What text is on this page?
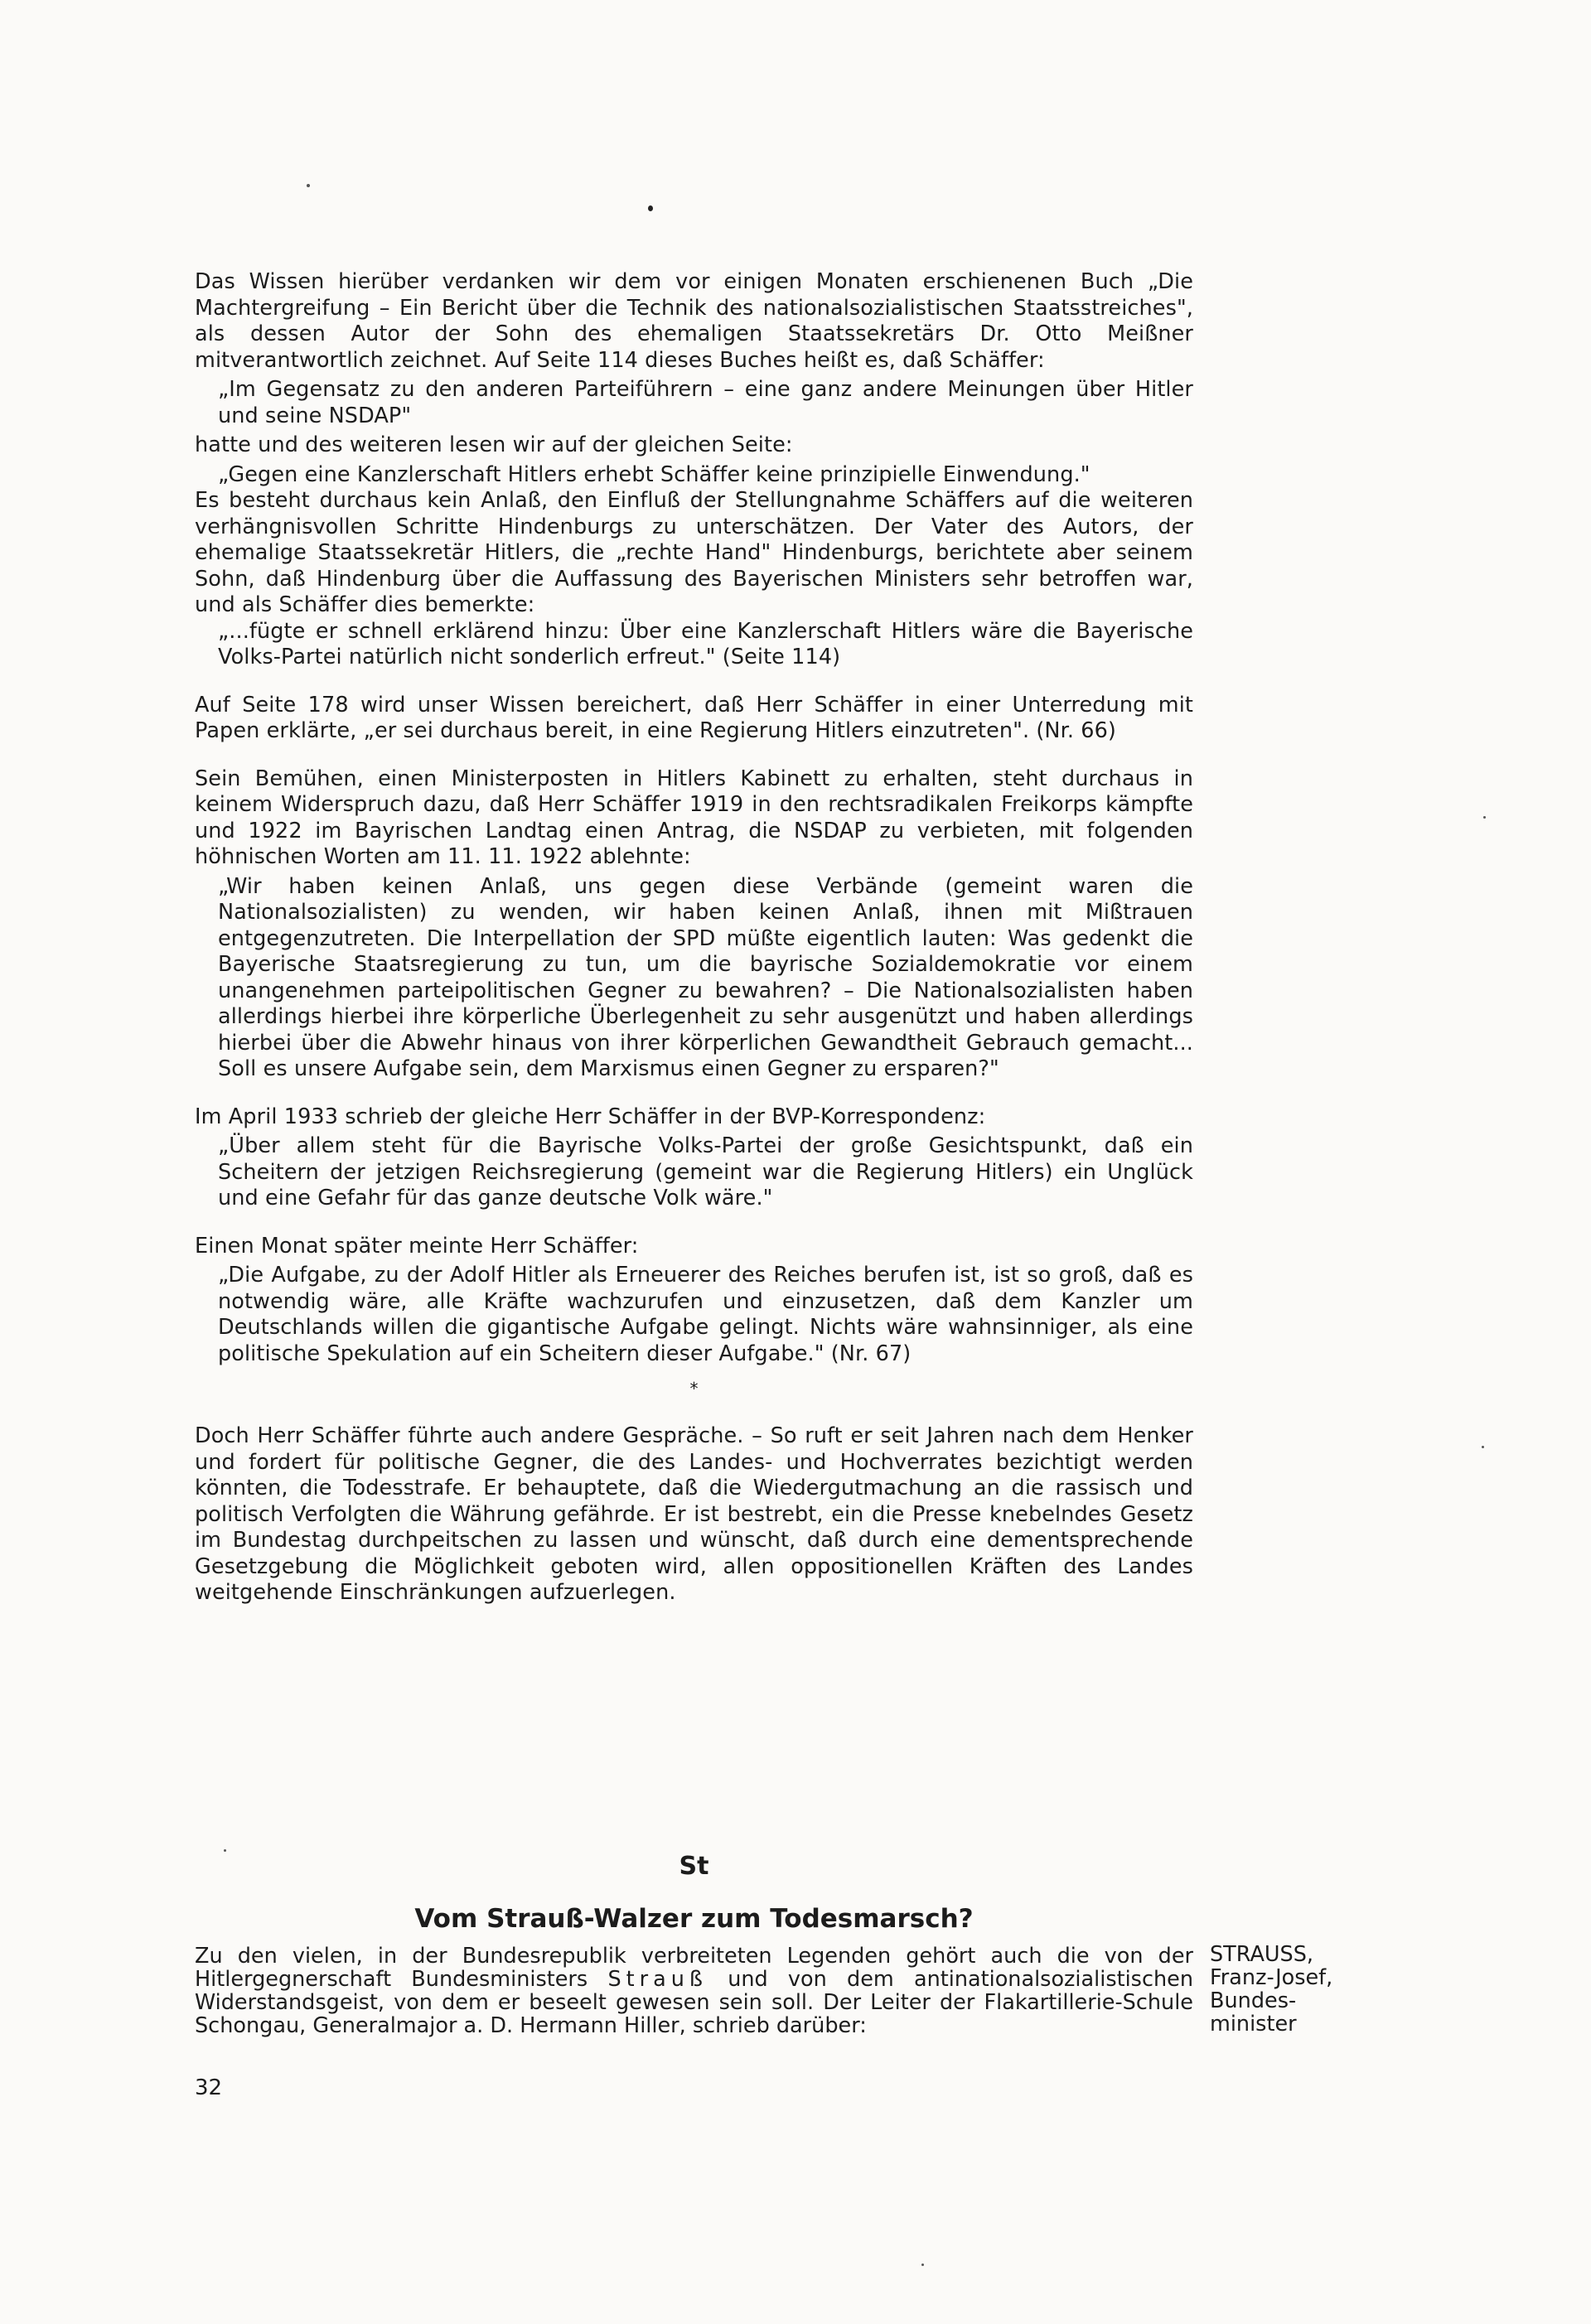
Das Wissen hierüber verdanken wir dem vor einigen Monaten erschienenen Buch „Die Machtergreifung – Ein Bericht über die Technik des nationalsozialistischen Staatsstreiches", als dessen Autor der Sohn des ehemaligen Staatssekretärs Dr. Otto Meißner mitverantwortlich zeichnet. Auf Seite 114 dieses Buches heißt es, daß Schäffer:

„Im Gegensatz zu den anderen Parteiführern – eine ganz andere Meinungen über Hitler und seine NSDAP"

hatte und des weiteren lesen wir auf der gleichen Seite:

„Gegen eine Kanzlerschaft Hitlers erhebt Schäffer keine prinzipielle Einwendung."

Es besteht durchaus kein Anlaß, den Einfluß der Stellungnahme Schäffers auf die weiteren verhängnisvollen Schritte Hindenburgs zu unterschätzen. Der Vater des Autors, der ehemalige Staatssekretär Hitlers, die „rechte Hand" Hindenburgs, berichtete aber seinem Sohn, daß Hindenburg über die Auffassung des Bayerischen Ministers sehr betroffen war, und als Schäffer dies bemerkte:

„...fügte er schnell erklärend hinzu: Über eine Kanzlerschaft Hitlers wäre die Bayerische Volks-Partei natürlich nicht sonderlich erfreut." (Seite 114)

Auf Seite 178 wird unser Wissen bereichert, daß Herr Schäffer in einer Unterredung mit Papen erklärte, „er sei durchaus bereit, in eine Regierung Hitlers einzutreten". (Nr. 66)

Sein Bemühen, einen Ministerposten in Hitlers Kabinett zu erhalten, steht durchaus in keinem Widerspruch dazu, daß Herr Schäffer 1919 in den rechtsradikalen Freikorps kämpfte und 1922 im Bayrischen Landtag einen Antrag, die NSDAP zu verbieten, mit folgenden höhnischen Worten am 11. 11. 1922 ablehnte:

„Wir haben keinen Anlaß, uns gegen diese Verbände (gemeint waren die Nationalsozialisten) zu wenden, wir haben keinen Anlaß, ihnen mit Mißtrauen entgegenzutreten. Die Interpellation der SPD müßte eigentlich lauten: Was gedenkt die Bayerische Staatsregierung zu tun, um die bayrische Sozialdemokratie vor einem unangenehmen parteipolitischen Gegner zu bewahren? – Die Nationalsozialisten haben allerdings hierbei ihre körperliche Überlegenheit zu sehr ausgenützt und haben allerdings hierbei über die Abwehr hinaus von ihrer körperlichen Gewandtheit Gebrauch gemacht... Soll es unsere Aufgabe sein, dem Marxismus einen Gegner zu ersparen?"

Im April 1933 schrieb der gleiche Herr Schäffer in der BVP-Korrespondenz:

„Über allem steht für die Bayrische Volks-Partei der große Gesichtspunkt, daß ein Scheitern der jetzigen Reichsregierung (gemeint war die Regierung Hitlers) ein Unglück und eine Gefahr für das ganze deutsche Volk wäre."

Einen Monat später meinte Herr Schäffer:

„Die Aufgabe, zu der Adolf Hitler als Erneuerer des Reiches berufen ist, ist so groß, daß es notwendig wäre, alle Kräfte wachzurufen und einzusetzen, daß dem Kanzler um Deutschlands willen die gigantische Aufgabe gelingt. Nichts wäre wahnsinniger, als eine politische Spekulation auf ein Scheitern dieser Aufgabe." (Nr. 67)

*

Doch Herr Schäffer führte auch andere Gespräche. – So ruft er seit Jahren nach dem Henker und fordert für politische Gegner, die des Landes- und Hochverrates bezichtigt werden könnten, die Todesstrafe. Er behauptete, daß die Wiedergutmachung an die rassisch und politisch Verfolgten die Währung gefährde. Er ist bestrebt, ein die Presse knebelndes Gesetz im Bundestag durchpeitschen zu lassen und wünscht, daß durch eine dementsprechende Gesetzgebung die Möglichkeit geboten wird, allen oppositionellen Kräften des Landes weitgehende Einschränkungen aufzuerlegen.

St
Vom Strauß-Walzer zum Todesmarsch?

Zu den vielen, in der Bundesrepublik verbreiteten Legenden gehört auch die von der Hitlergegnerschaft Bundesministers Strauß und von dem antinationalsozialistischen Widerstandsgeist, von dem er beseelt gewesen sein soll. Der Leiter der Flakartillerie-Schule Schongau, Generalmajor a. D. Hermann Hiller, schrieb darüber:

STRAUSS,
Franz-Josef,
Bundes-
minister
32
